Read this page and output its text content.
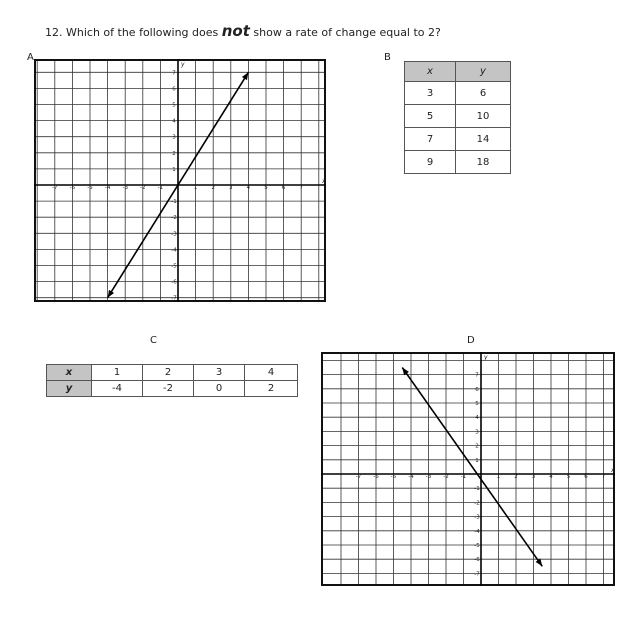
12. Which of the following does not show a rate of change equal to 2?
A
-7 -6 -5 -4 -3 -2 -1	1	2	3	4	5	6	7
7
6
5
4
3
2
1
-1
-2
-3
-4
-5
-6
-7
x
y
B
x	y
3	6
5	10
7	14
9	18
C
x	1	2	3	4
y	-4	-2	0	2
D
-7 -6 -5 -4 -3 -2 -1	1	2	3	4	5	6	7
7
6
5
4
3
2
1
-1
-2
-3
-4
-5
-6
-7
x
y
